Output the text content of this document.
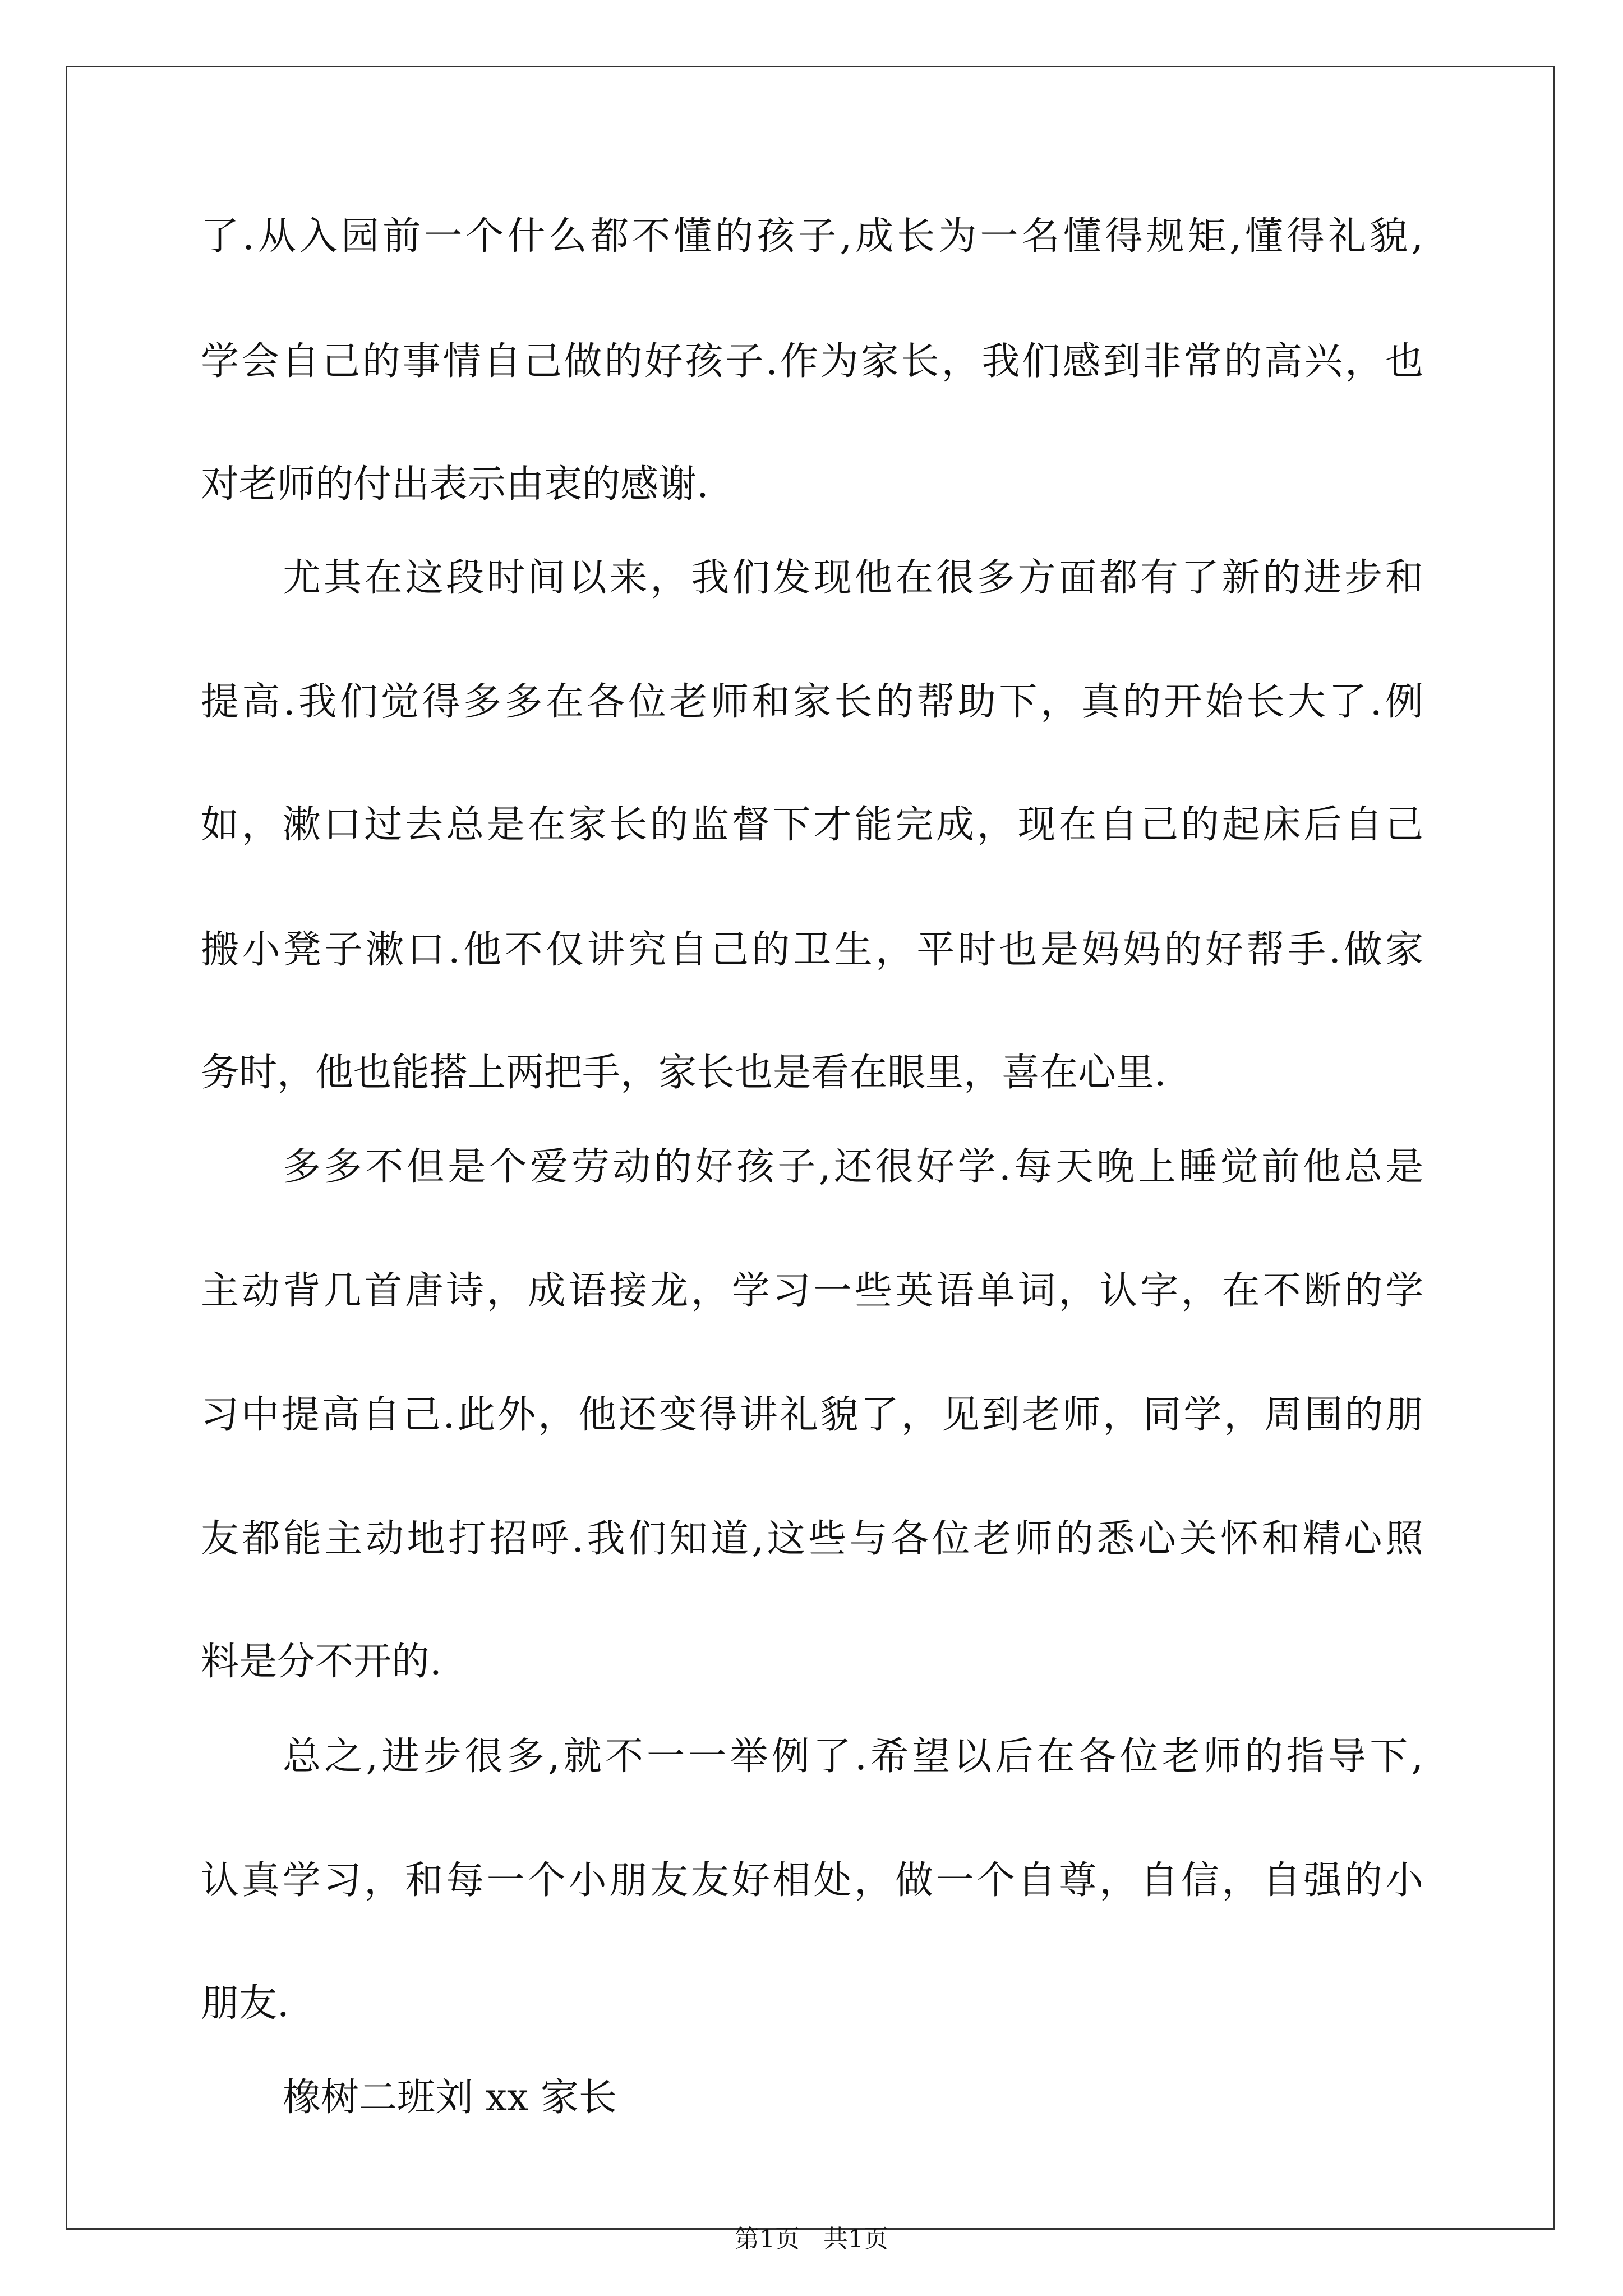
了.从入园前一个什么都不懂的孩子,成长为一名懂得规矩,懂得礼貌,
学会自己的事情自己做的好孩子.作为家长，我们感到非常的高兴，也
对老师的付出表示由衷的感谢.
尤其在这段时间以来，我们发现他在很多方面都有了新的进步和
提高.我们觉得多多在各位老师和家长的帮助下，真的开始长大了.例
如，漱口过去总是在家长的监督下才能完成，现在自己的起床后自己
搬小凳子漱口.他不仅讲究自己的卫生，平时也是妈妈的好帮手.做家
务时，他也能搭上两把手，家长也是看在眼里，喜在心里.
多多不但是个爱劳动的好孩子,还很好学.每天晚上睡觉前他总是
主动背几首唐诗，成语接龙，学习一些英语单词，认字，在不断的学
习中提高自己.此外，他还变得讲礼貌了，见到老师，同学，周围的朋
友都能主动地打招呼.我们知道,这些与各位老师的悉心关怀和精心照
料是分不开的.
总之,进步很多,就不一一举例了.希望以后在各位老师的指导下,
认真学习，和每一个小朋友友好相处，做一个自尊，自信，自强的小
朋友.
橡树二班刘 xx 家长
第1页   共1页
